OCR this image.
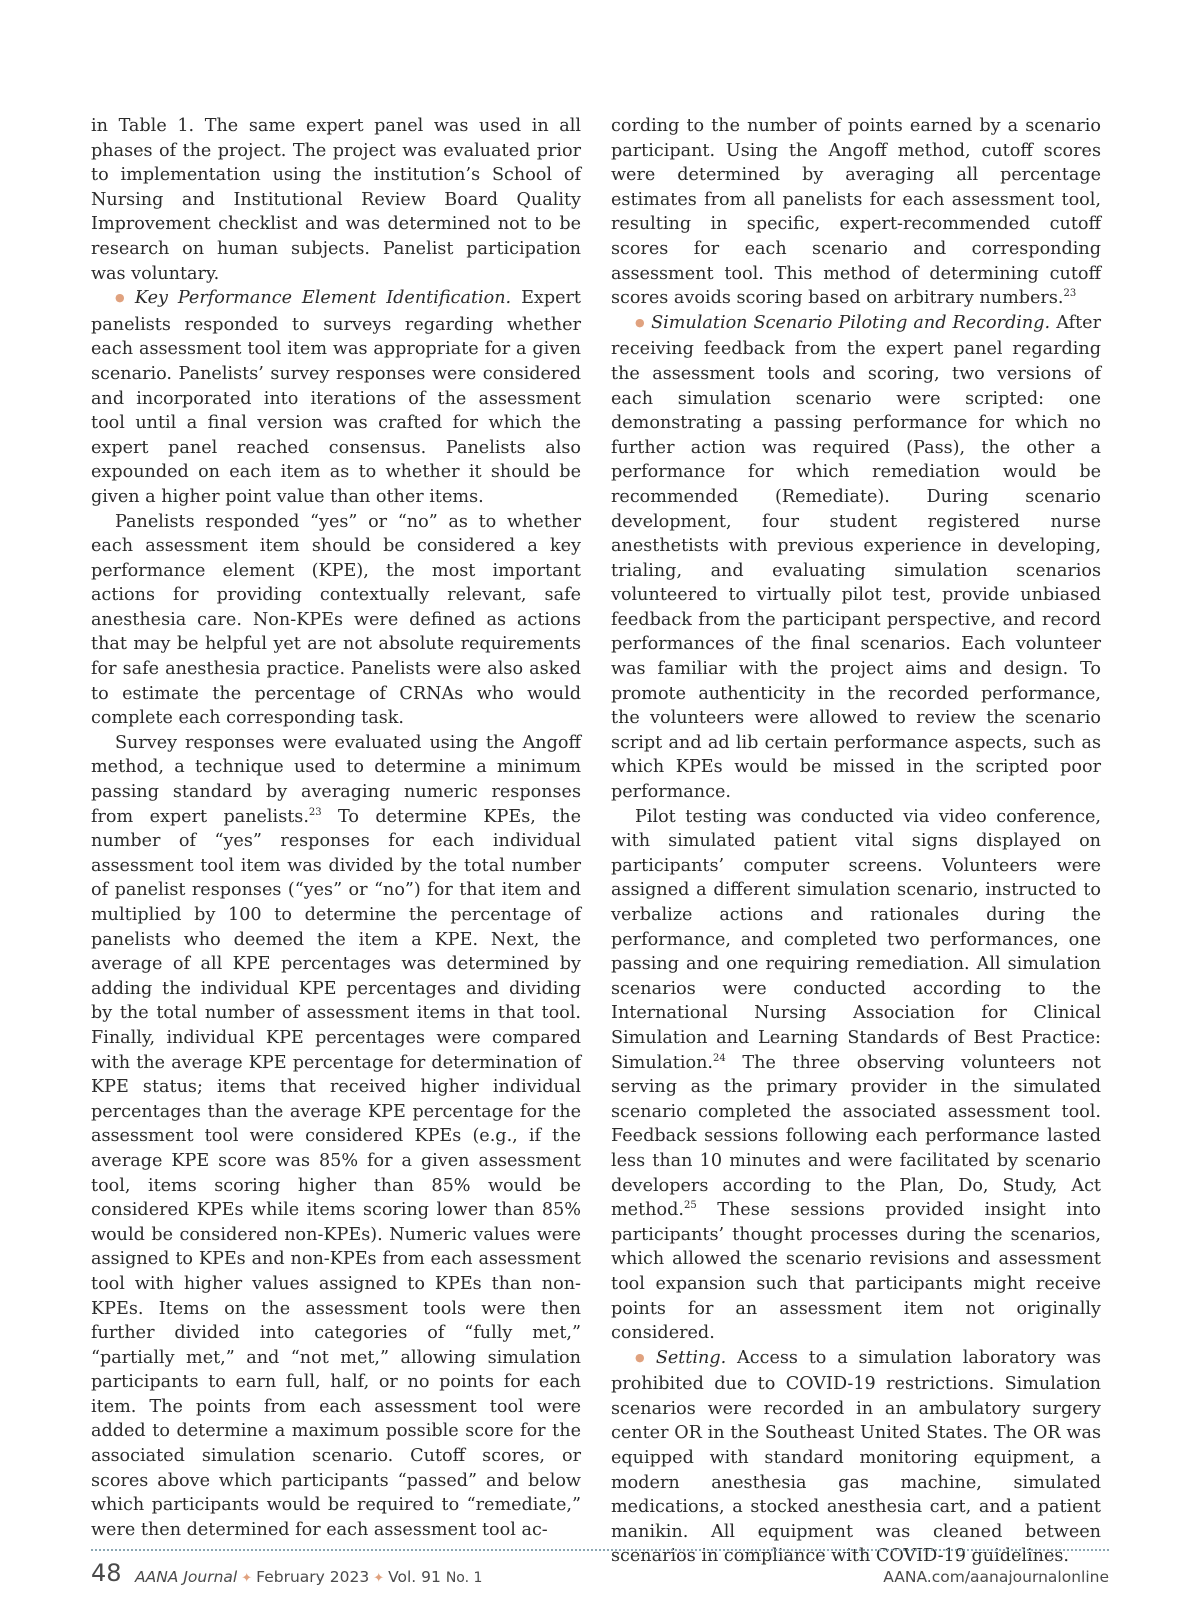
in Table 1. The same expert panel was used in all phases of the project. The project was evaluated prior to implementation using the institution’s School of Nursing and Institutional Review Board Quality Improvement checklist and was determined not to be research on human subjects. Panelist participation was voluntary.

● Key Performance Element Identification. Expert panelists responded to surveys regarding whether each assessment tool item was appropriate for a given scenario. Panelists’ survey responses were considered and incorporated into iterations of the assessment tool until a final version was crafted for which the expert panel reached consensus. Panelists also expounded on each item as to whether it should be given a higher point value than other items.

Panelists responded “yes” or “no” as to whether each assessment item should be considered a key performance element (KPE), the most important actions for providing contextually relevant, safe anesthesia care. Non-KPEs were defined as actions that may be helpful yet are not absolute requirements for safe anesthesia practice. Panelists were also asked to estimate the percentage of CRNAs who would complete each corresponding task.

Survey responses were evaluated using the Angoff method, a technique used to determine a minimum passing standard by averaging numeric responses from expert panelists.$^{23}$ To determine KPEs, the number of “yes” responses for each individual assessment tool item was divided by the total number of panelist responses (“yes” or “no”) for that item and multiplied by 100 to determine the percentage of panelists who deemed the item a KPE. Next, the average of all KPE percentages was determined by adding the individual KPE percentages and dividing by the total number of assessment items in that tool. Finally, individual KPE percentages were compared with the average KPE percentage for determination of KPE status; items that received higher individual percentages than the average KPE percentage for the assessment tool were considered KPEs (e.g., if the average KPE score was 85% for a given assessment tool, items scoring higher than 85% would be considered KPEs while items scoring lower than 85% would be considered non-KPEs). Numeric values were assigned to KPEs and non-KPEs from each assessment tool with higher values assigned to KPEs than non-KPEs. Items on the assessment tools were then further divided into categories of “fully met,” “partially met,” and “not met,” allowing simulation participants to earn full, half, or no points for each item. The points from each assessment tool were added to determine a maximum possible score for the associated simulation scenario. Cutoff scores, or scores above which participants “passed” and below which participants would be required to “remediate,” were then determined for each assessment tool ac-

cording to the number of points earned by a scenario participant. Using the Angoff method, cutoff scores were determined by averaging all percentage estimates from all panelists for each assessment tool, resulting in specific, expert-recommended cutoff scores for each scenario and corresponding assessment tool. This method of determining cutoff scores avoids scoring based on arbitrary numbers.$^{23}$

● Simulation Scenario Piloting and Recording. After receiving feedback from the expert panel regarding the assessment tools and scoring, two versions of each simulation scenario were scripted: one demonstrating a passing performance for which no further action was required (Pass), the other a performance for which remediation would be recommended (Remediate). During scenario development, four student registered nurse anesthetists with previous experience in developing, trialing, and evaluating simulation scenarios volunteered to virtually pilot test, provide unbiased feedback from the participant perspective, and record performances of the final scenarios. Each volunteer was familiar with the project aims and design. To promote authenticity in the recorded performance, the volunteers were allowed to review the scenario script and ad lib certain performance aspects, such as which KPEs would be missed in the scripted poor performance.

Pilot testing was conducted via video conference, with simulated patient vital signs displayed on participants’ computer screens. Volunteers were assigned a different simulation scenario, instructed to verbalize actions and rationales during the performance, and completed two performances, one passing and one requiring remediation. All simulation scenarios were conducted according to the International Nursing Association for Clinical Simulation and Learning Standards of Best Practice: Simulation.$^{24}$ The three observing volunteers not serving as the primary provider in the simulated scenario completed the associated assessment tool. Feedback sessions following each performance lasted less than 10 minutes and were facilitated by scenario developers according to the Plan, Do, Study, Act method.$^{25}$ These sessions provided insight into participants’ thought processes during the scenarios, which allowed the scenario revisions and assessment tool expansion such that participants might receive points for an assessment item not originally considered.

● Setting. Access to a simulation laboratory was prohibited due to COVID-19 restrictions. Simulation scenarios were recorded in an ambulatory surgery center OR in the Southeast United States. The OR was equipped with standard monitoring equipment, a modern anesthesia gas machine, simulated medications, a stocked anesthesia cart, and a patient manikin. All equipment was cleaned between scenarios in compliance with COVID-19 guidelines.

48 AANA Journal ✦ February 2023 ✦ Vol. 91 No. 1	AANA.com/aanajournalonline
